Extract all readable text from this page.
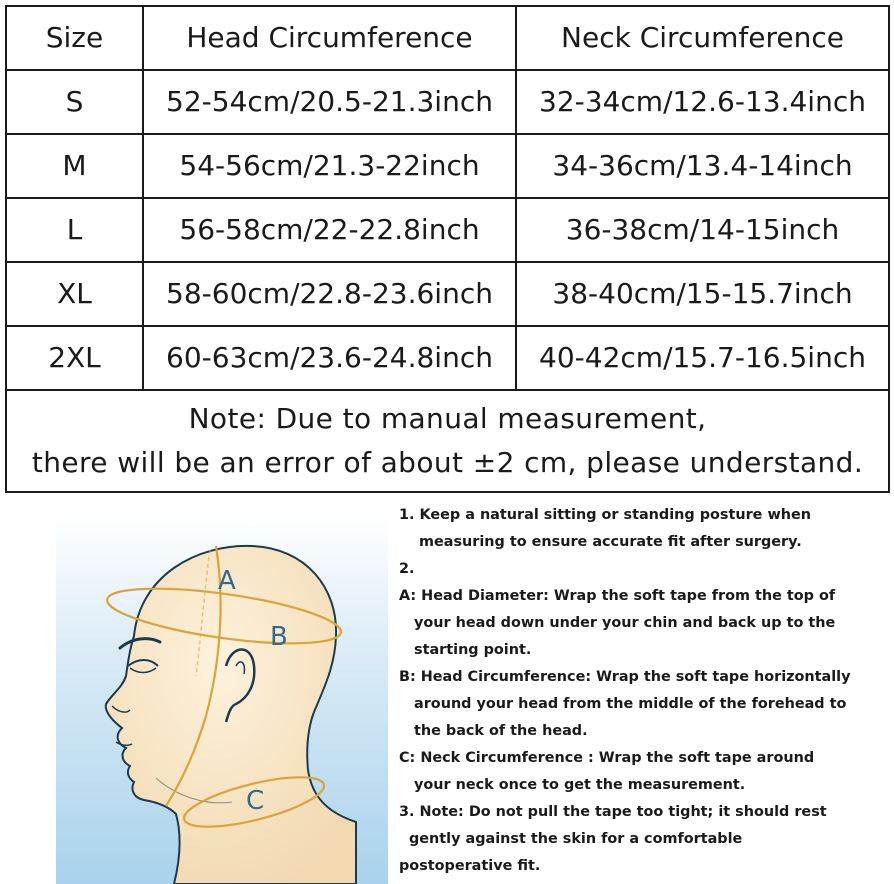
Size	Head Circumference	Neck Circumference
S	52-54cm/20.5-21.3inch	32-34cm/12.6-13.4inch
M	54-56cm/21.3-22inch	34-36cm/13.4-14inch
L	56-58cm/22-22.8inch	36-38cm/14-15inch
XL	58-60cm/22.8-23.6inch	38-40cm/15-15.7inch
2XL	60-63cm/23.6-24.8inch	40-42cm/15.7-16.5inch
Note: Due to manual measurement,
there will be an error of about ±2 cm, please understand.		
A
B
C

1. Keep a natural sitting or standing posture when

measuring to ensure accurate fit after surgery.

2.

A: Head Diameter: Wrap the soft tape from the top of

your head down under your chin and back up to the

starting point.

B: Head Circumference: Wrap the soft tape horizontally

around your head from the middle of the forehead to

the back of the head.

C: Neck Circumference : Wrap the soft tape around

your neck once to get the measurement.

3. Note: Do not pull the tape too tight; it should rest

gently against the skin for a comfortable

postoperative fit.
